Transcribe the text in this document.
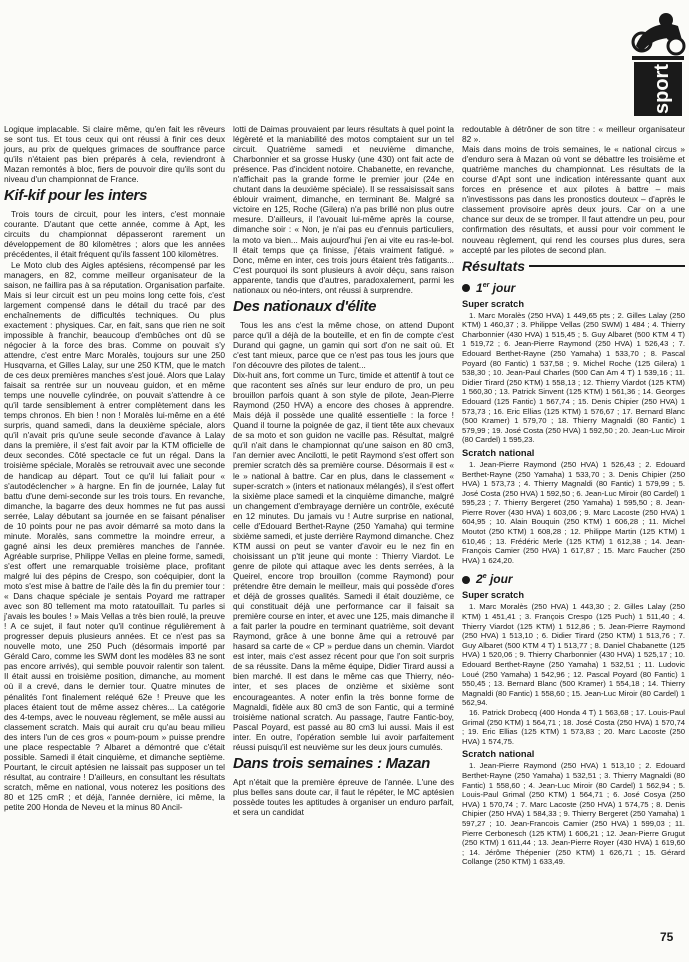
sport

Logique implacable. Si claire même, qu'en fait les rêveurs se sont tus. Et tous ceux qui ont réussi à finir ces deux jours, au prix de quelques grimaces de souffrance parce qu'ils n'étaient pas bien préparés à cela, reviendront à Mazan remontés à bloc, fiers de pouvoir dire qu'ils sont du niveau d'un championnat de France.

Kif-kif pour les inters

Trois tours de circuit, pour les inters, c'est monnaie courante. D'autant que cette année, comme à Apt, les circuits du championnat dépasseront rarement un développement de 80 kilomètres ; alors que les années précédentes, il était fréquent qu'ils fassent 100 kilomètres.

Le Moto club des Aigles aptésiens, récompensé par les managers, en 82, comme meilleur organisateur de la saison, ne faillira pas à sa réputation. Organisation parfaite. Mais si leur circuit est un peu moins long cette fois, c'est largement compensé dans le détail du tracé par des enchaînements de difficultés techniques. Ou plus exactement : physiques. Car, en fait, sans que rien ne soit impossible à franchir, beaucoup d'embûches ont dû se négocier à la force des bras. Comme on pouvait s'y attendre, c'est entre Marc Moralès, toujours sur une 250 Husqvarna, et Gilles Lalay, sur une 250 KTM, que le match de ces deux premières manches s'est joué. Alors que Lalay faisait sa rentrée sur un nouveau guidon, et en même temps une nouvelle cylindrée, on pouvait s'attendre à ce qu'il tarde sensiblement à entrer complètement dans les temps chronos. Eh bien ! non ! Moralès lui-même en a été surpris, quand samedi, dans la deuxième spéciale, alors qu'il n'avait pris qu'une seule seconde d'avance à Lalay dans la première, il s'est fait avoir par la KTM officielle de deux secondes. Côté spectacle ce fut un régal. Dans la troisième spéciale, Moralès se retrouvait avec une seconde de handicap au départ. Tout ce qu'il lui faliait pour « s'autodéclencher » à hargne. En fin de journée, Lalay fut battu d'une demi-seconde sur les trois tours. En revanche, dimanche, la bagarre des deux hommes ne fut pas aussi serrée, Lalay débutant sa journée en se faisant pénaliser de 10 points pour ne pas avoir démarré sa moto dans la minute. Moralès, sans commettre la moindre erreur, a gagné ainsi les deux premières manches de l'année. Agréable surprise, Philippe Vellas en pleine forme, samedi, s'est offert une remarquable troisième place, profitant malgré lui des pépins de Crespo, son coéquipier, dont la moto s'est mise à battre de l'aile dès la fin du premier tour : « Dans chaque spéciale je sentais Poyard me rattraper avec son 80 tellement ma moto ratatouillait. Tu parles si j'avais les boules ! » Mais Vellas a très bien roulé, la preuve ! A ce sujet, il faut noter qu'il continue régulièrement à progresser depuis plusieurs années. Et ce n'est pas sa nouvelle moto, une 250 Puch (désormais importé par Gérald Caro, comme les SWM dont les modèles 83 ne sont pas encore arrivés), qui semble pouvoir ralentir son talent. Il était aussi en troisième position, dimanche, au moment où il a crevé, dans le dernier tour. Quatre minutes de pénalités l'ont finalement reléqué 62e ! Preuve que les places étaient tout de même assez chères... La catégorie des 4-temps, avec le nouveau règlement, se mêle aussi au classement scratch. Mais qui aurait cru qu'au beau milieu des inters l'un de ces gros « poum-poum » puisse prendre une place respectable ? Albaret a démontré que c'était possible. Samedi il était cinquième, et dimanche septième. Pourtant, le circuit aptésien ne laissait pas supposer un tel résultat, au contraire ! D'ailleurs, en consultant les résultats scratch, même en national, vous noterez les positions des 80 et 125 cmR ; et déjà, l'année dernière, ici même, la petite 200 Honda de Neveu et la minus 80 Ancil-

lotti de Daimas prouvaient par leurs résultats à quel point la légèreté et la maniabilité des motos comptaient sur un tel circuit. Quatrième samedi et neuvième dimanche, Charbonnier et sa grosse Husky (une 430) ont fait acte de présence. Pas d'incident notoire. Chabanette, en revanche, n'affichait pas la grande forme le premier jour (24e en chutant dans la deuxième spéciale). Il se ressaisissait sans éblouir vraiment, dimanche, en terminant 8e. Malgré sa victoire en 125, Roche (Gilera) n'a pas brillé non plus outre mesure. D'ailleurs, il l'avouait lui-même après la course, dimanche soir : « Non, je n'ai pas eu d'ennuis particuliers, la moto va bien... Mais aujourd'hui j'en ai vite eu ras-le-bol. Il était temps que ça finisse, j'étais vraiment fatigué. » Donc, même en inter, ces trois jours étaient très fatigants... C'est pourquoi ils sont plusieurs à avoir déçu, sans raison apparente, tandis que d'autres, paradoxalement, parmi les nationaux ou néo-inters, ont réussi à surprendre.

Des nationaux d'élite

Tous les ans c'est la même chose, on attend Dupont parce qu'il a déjà de la bouteille, et en fin de compte c'est Durand qui gagne, un gamin qui sort d'on ne sait où. Et c'est tant mieux, parce que ce n'est pas tous les jours que l'on découvre des pilotes de talent...

Dix-huit ans, fort comme un Turc, timide et attentif à tout ce que racontent ses aînés sur leur enduro de pro, un peu brouillon parfois quant à son style de pilote, Jean-Pierre Raymond (250 HVA) a encore des choses à apprendre. Mais déjà il possède une qualité essentielle : la force ! Quand il tourne la poignée de gaz, il tient tête aux chevaux de sa moto et son guidon ne vacille pas. Résultat, malgré qu'il n'ait dans le championnat qu'une saison en 80 cm3, l'an dernier avec Ancilotti, le petit Raymond s'est offert son premier scratch dès sa première course. Désormais il est « le » national à battre. Car en plus, dans le classement « super-scratch » (inters et nationaux mélangés), il s'est offert la sixième place samedi et la cinquième dimanche, malgré un changement d'embrayage dernière un contrôle, exécuté en 12 minutes. Du jamais vu ! Autre surprise en national, celle d'Edouard Berthet-Rayne (250 Yamaha) qui termine sixième samedi, et juste derrière Raymond dimanche. Chez KTM aussi on peut se vanter d'avoir eu le nez fin en choisissant un p'tit jeune qui monte : Thierry Viardot. Le genre de pilote qui attaque avec les dents serrées, à la Queirel, encore trop brouillon (comme Raymond) pour prétendre être demain le meilleur, mais qui possède d'ores et déjà de grosses qualités. Samedi il était douzième, ce qui constituait déjà une performance car il faisait sa première course en inter, et avec une 125, mais dimanche il a fait parler la poudre en terminant quatrième, soit devant Raymond, grâce à une bonne âme qui a retrouvé par hasard sa carte de « CP » perdue dans un chemin. Viardot est inter, mais c'est assez récent pour que l'on soit surpris de sa réussite. Dans la même équipe, Didier Tirard aussi a bien marché. Il est dans le même cas que Thierry, néo-inter, et ses places de onzième et sixième sont encourageantes. A noter enfin la très bonne forme de Magnaldi, fidèle aux 80 cm3 de son Fantic, qui a terminé troisième national scratch. Au passage, l'autre Fantic-boy, Pascal Poyard, est passé au 80 cm3 lui aussi. Mais il est inter. En outre, l'opération semble lui avoir parfaitement réussi puisqu'il est neuvième sur les deux jours cumulés.

Dans trois semaines : Mazan

Apt n'était que la première épreuve de l'année. L'une des plus belles sans doute car, il faut le répéter, le MC aptésien possède toutes les aptitudes à organiser un enduro parfait, et sera un candidat

redoutable à détrôner de son titre : « meilleur organisateur 82 ».

Mais dans moins de trois semaines, le « national circus » d'enduro sera à Mazan où vont se débattre les troisième et quatrième manches du championnat. Les résultats de la course d'Apt sont une indication intéressante quant aux forces en présence et aux pilotes à battre – mais n'investissons pas dans les pronostics douteux – d'après le classement provisoire après deux jours. Car on a une chance sur deux de se tromper. Il faut attendre un peu, pour confirmation des résultats, et aussi pour voir comment le nouveau règlement, qui rend les courses plus dures, sera accepté par les pilotes de second plan.

Résultats
1er jour
Super scratch

1. Marc Moralès (250 HVA) 1 449,65 pts ; 2. Gilles Lalay (250 KTM) 1 460,37 ; 3. Philippe Vellas (250 SWM) 1 484 ; 4. Thierry Charbonnier (430 HVA) 1 515,45 ; 5. Guy Albaret (500 KTM 4 T) 1 519,72 ; 6. Jean-Pierre Raymond (250 HVA) 1 526,43 ; 7. Edouard Berthet-Rayne (250 Yamaha) 1 533,70 ; 8. Pascal Poyard (80 Fantic) 1 537,58 ; 9. Michel Roche (125 Gilera) 1 538,30 ; 10. Jean-Paul Charles (500 Can Am 4 T) 1 539,16 ; 11. Didier Tirard (250 KTM) 1 558,13 ; 12. Thierry Viardot (125 KTM) 1 560,30 ; 13. Patrick Sinvent (125 KTM) 1 561,36 ; 14. Georges Edouard (125 Fantic) 1 567,74 ; 15. Denis Chipier (250 HVA) 1 573,73 ; 16. Eric Ellias (125 KTM) 1 576,67 ; 17. Bernard Blanc (500 Kramer) 1 579,70 ; 18. Thierry Magnaldi (80 Fantic) 1 579,99 ; 19. José Costa (250 HVA) 1 592,50 ; 20. Jean-Luc Miroir (80 Cardel) 1 595,23.

Scratch national

1. Jean-Pierre Raymond (250 HVA) 1 526,43 ; 2. Edouard Berthet-Rayne (250 Yamaha) 1 533,70 ; 3. Denis Chipier (250 HVA) 1 573,73 ; 4. Thierry Magnaldi (80 Fantic) 1 579,99 ; 5. José Costa (250 HVA) 1 592,50 ; 6. Jean-Luc Miroir (80 Cardel) 1 595,23 ; 7. Thierry Bergeret (250 Yamaha) 1 595,50 ; 8. Jean-Pierre Rover (430 HVA) 1 603,06 ; 9. Marc Lacoste (250 HVA) 1 604,95 ; 10. Alain Bouquin (250 KTM) 1 606,28 ; 11. Michel Moutot (250 KTM) 1 608,28 ; 12. Philippe Martin (125 KTM) 1 610,46 ; 13. Frédéric Merle (125 KTM) 1 612,38 ; 14. Jean-François Camier (250 HVA) 1 617,87 ; 15. Marc Faucher (250 HVA) 1 624,20.

2e jour
Super scratch

1. Marc Moralès (250 HVA) 1 443,30 ; 2. Gilles Lalay (250 KTM) 1 451,41 ; 3. François Crespo (125 Puch) 1 511,40 ; 4. Thierry Viardot (125 KTM) 1 512,86 ; 5. Jean-Pierre Raymond (250 HVA) 1 513,10 ; 6. Didier Tirard (250 KTM) 1 513,76 ; 7. Guy Albaret (500 KTM 4 T) 1 513,77 ; 8. Daniel Chabanette (125 HVA) 1 520,06 ; 9. Thierry Charbonnier (430 HVA) 1 525,17 ; 10. Edouard Berthet-Rayne (250 Yamaha) 1 532,51 ; 11. Ludovic Loué (250 Yamaha) 1 542,96 ; 12. Pascal Poyard (80 Fantic) 1 550,45 ; 13. Bernard Blanc (500 Kramer) 1 554,18 ; 14. Thierry Magnaldi (80 Fantic) 1 558,60 ; 15. Jean-Luc Miroir (80 Cardel) 1 562,94.

16. Patrick Drobecq (400 Honda 4 T) 1 563,68 ; 17. Louis-Paul Grimal (250 KTM) 1 564,71 ; 18. José Costa (250 HVA) 1 570,74 ; 19. Eric Ellias (125 KTM) 1 573,83 ; 20. Marc Lacoste (250 HVA) 1 574,75.

Scratch national

1. Jean-Pierre Raymond (250 HVA) 1 513,10 ; 2. Edouard Berthet-Rayne (250 Yamaha) 1 532,51 ; 3. Thierry Magnaldi (80 Fantic) 1 558,60 ; 4. Jean-Luc Miroir (80 Cardel) 1 562,94 ; 5. Louis-Paul Grimal (250 KTM) 1 564,71 ; 6. José Cosya (250 HVA) 1 570,74 ; 7. Marc Lacoste (250 HVA) 1 574,75 ; 8. Denis Chipier (250 HVA) 1 584,33 ; 9. Thierry Bergeret (250 Yamaha) 1 597,27 ; 10. Jean-Francois Camier (250 HVA) 1 599,03 ; 11. Pierre Cerbonesch (125 KTM) 1 606,21 ; 12. Jean-Pierre Grugut (250 KTM) 1 611,44 ; 13. Jean-Pierre Royer (430 HVA) 1 619,60 ; 14. Jérôme Thépenier (250 KTM) 1 626,71 ; 15. Gérard Collange (250 KTM) 1 633,49.

75
